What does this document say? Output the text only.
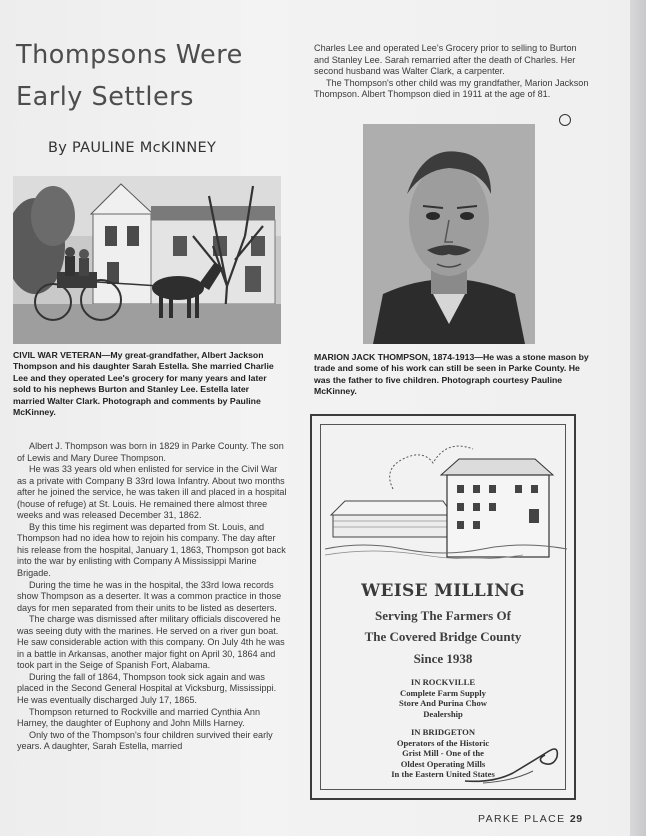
Thompsons Were
Early Settlers
By PAULINE McKINNEY
CIVIL WAR VETERAN—My great-grandfather, Albert Jackson Thompson and his daughter Sarah Estella. She married Charlie Lee and they operated Lee's grocery for many years and later sold to his nephews Burton and Stanley Lee. Estella later married Walter Clark. Photograph and comments by Pauline McKinney.
MARION JACK THOMPSON, 1874-1913—He was a stone mason by trade and some of his work can still be seen in Parke County. He was the father to five children. Photograph courtesy Pauline McKinney.

Charles Lee and operated Lee's Grocery prior to selling to Burton and Stanley Lee. Sarah remarried after the death of Charles. Her second husband was Walter Clark, a carpenter.

The Thompson's other child was my grandfather, Marion Jackson Thompson. Albert Thompson died in 1911 at the age of 81.

Albert J. Thompson was born in 1829 in Parke County. The son of Lewis and Mary Duree Thompson.

He was 33 years old when enlisted for service in the Civil War as a private with Company B 33rd Iowa Infantry. About two months after he joined the service, he was taken ill and placed in a hospital (house of refuge) at St. Louis. He remained there almost three weeks and was released December 31, 1862.

By this time his regiment was departed from St. Louis, and Thompson had no idea how to rejoin his company. The day after his release from the hospital, January 1, 1863, Thompson got back into the war by enlisting with Company A Mississippi Marine Brigade.

During the time he was in the hospital, the 33rd Iowa records show Thompson as a deserter. It was a common practice in those days for men separated from their units to be listed as deserters.

The charge was dismissed after military officials discovered he was seeing duty with the marines. He served on a river gun boat. He saw considerable action with this company. On July 4th he was in a battle in Arkansas, another major fight on April 30, 1864 and took part in the Seige of Spanish Fort, Alabama.

During the fall of 1864, Thompson took sick again and was placed in the Second General Hospital at Vicksburg, Mississippi. He was eventually discharged July 17, 1865.

Thompson returned to Rockville and married Cynthia Ann Harney, the daughter of Euphony and John Mills Harney.

Only two of the Thompson's four children survived their early years. A daughter, Sarah Estella, married

WEISE MILLING
Serving The Farmers Of
The Covered Bridge County
Since 1938
IN ROCKVILLE
Complete Farm Supply
Store And Purina Chow
Dealership
IN BRIDGETON
Operators of the Historic
Grist Mill - One of the
Oldest Operating Mills
In the Eastern United States
PARKE PLACE 29
